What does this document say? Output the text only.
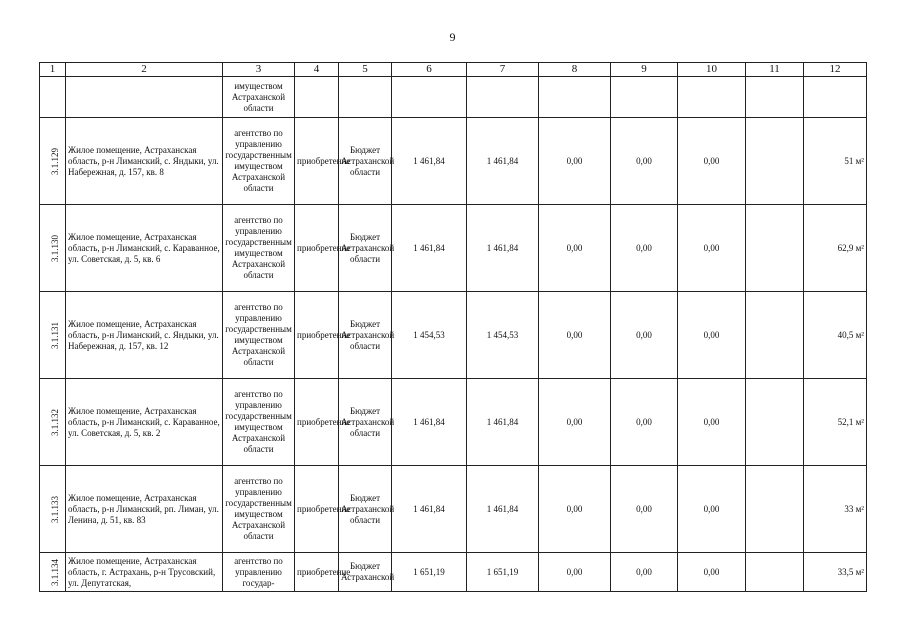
9
1	2	3	4	5	6	7	8	9	10	11	12
		имуществом Астраханской области									
3.1.129	Жилое помещение, Астраханская область, р-н Лиманский, с. Яндыки, ул. Набережная, д. 157, кв. 8	агентство по управлению государственным имуществом Астраханской области	приобретение	Бюджет Астраханской области	1 461,84	1 461,84	0,00	0,00	0,00		51 м²
3.1.130	Жилое помещение, Астраханская область, р-н Лиманский, с. Караванное, ул. Советская, д. 5, кв. 6	агентство по управлению государственным имуществом Астраханской области	приобретение	Бюджет Астраханской области	1 461,84	1 461,84	0,00	0,00	0,00		62,9 м²
3.1.131	Жилое помещение, Астраханская область, р-н Лиманский, с. Яндыки, ул. Набережная, д. 157, кв. 12	агентство по управлению государственным имуществом Астраханской области	приобретение	Бюджет Астраханской области	1 454,53	1 454,53	0,00	0,00	0,00		40,5 м²
3.1.132	Жилое помещение, Астраханская область, р-н Лиманский, с. Караванное, ул. Советская, д. 5, кв. 2	агентство по управлению государственным имуществом Астраханской области	приобретение	Бюджет Астраханской области	1 461,84	1 461,84	0,00	0,00	0,00		52,1 м²
3.1.133	Жилое помещение, Астраханская область, р-н Лиманский, рп. Лиман, ул. Ленина, д. 51, кв. 83	агентство по управлению государственным имуществом Астраханской области	приобретение	Бюджет Астраханской области	1 461,84	1 461,84	0,00	0,00	0,00		33 м²
3.1.134	Жилое помещение, Астраханская область, г. Астрахань, р-н Трусовский, ул. Депутатская,	агентство по управлению государ-	приобретение	Бюджет Астраханской	1 651,19	1 651,19	0,00	0,00	0,00		33,5 м²
